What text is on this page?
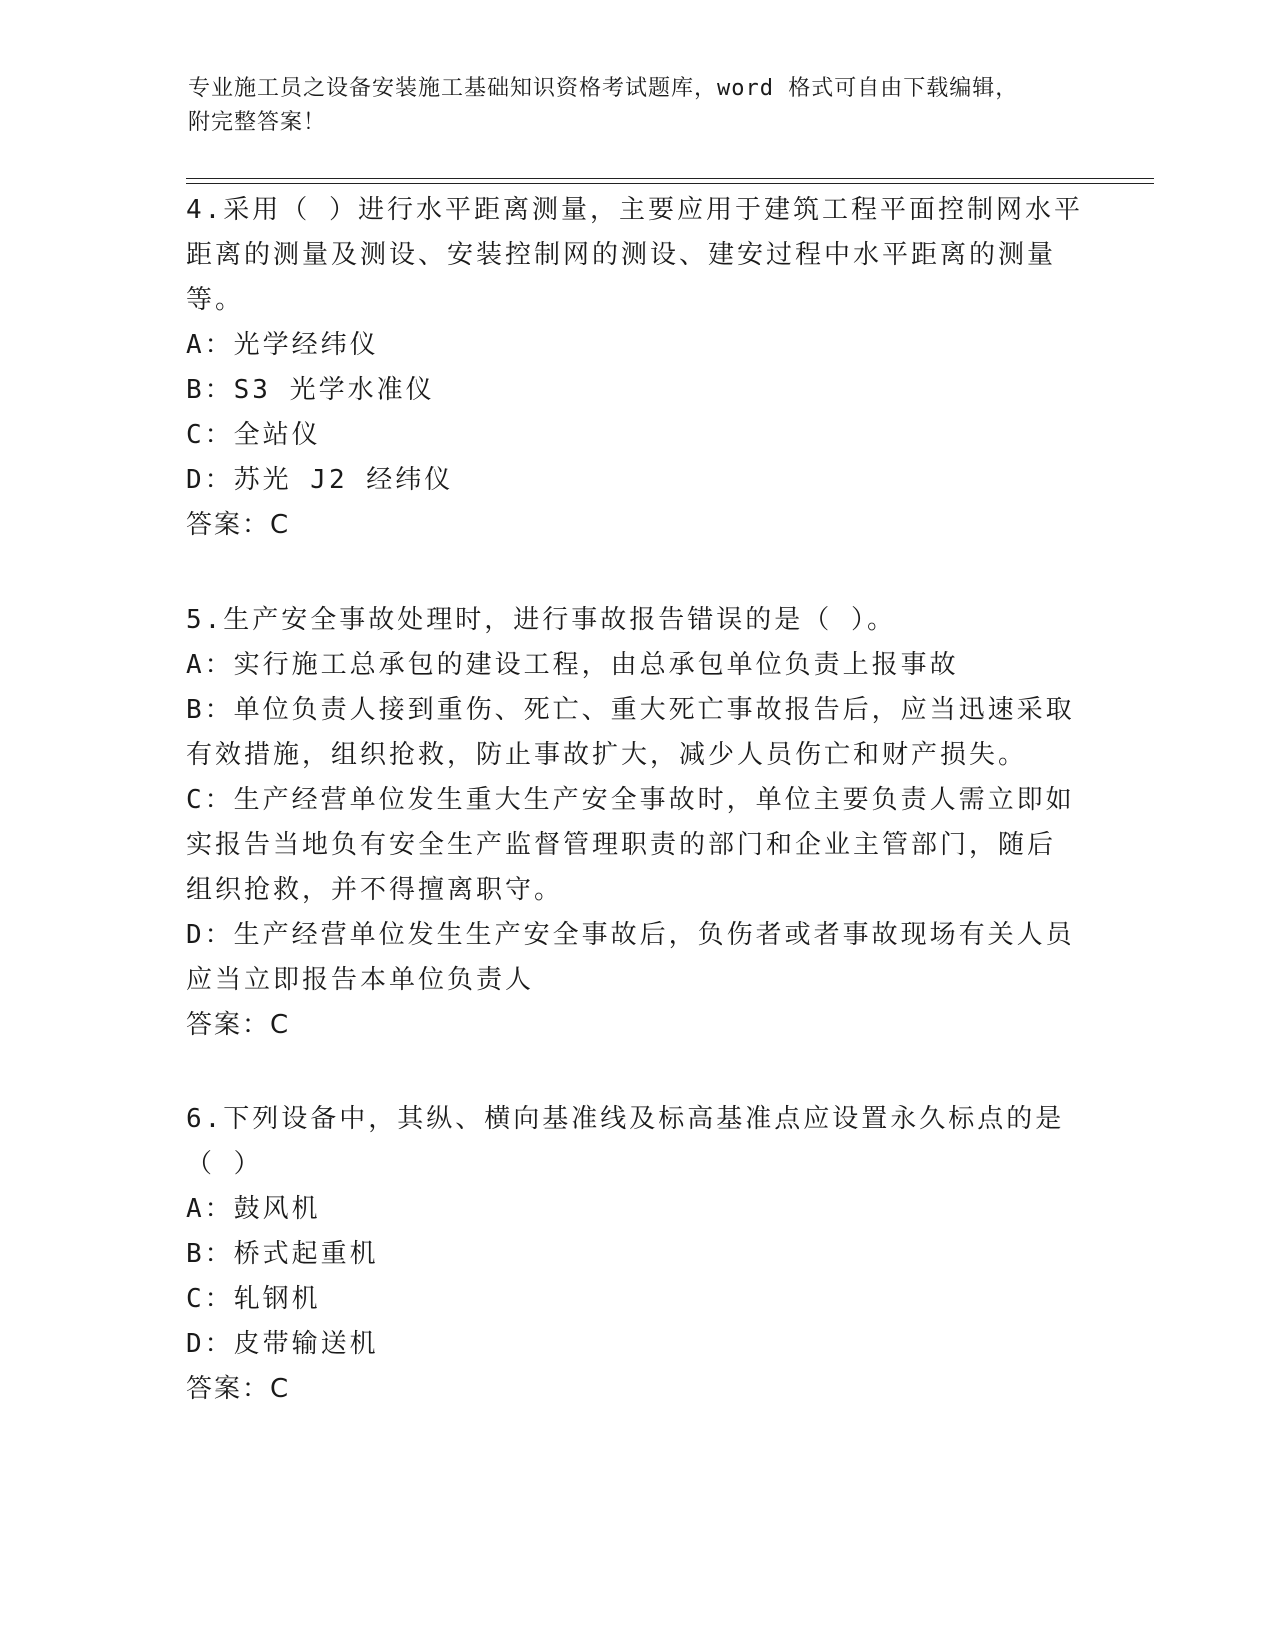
专业施工员之设备安装施工基础知识资格考试题库，word 格式可自由下载编辑，
附完整答案！
4.采用（ ）进行水平距离测量，主要应用于建筑工程平面控制网水平
距离的测量及测设、安装控制网的测设、建安过程中水平距离的测量
等。
A：光学经纬仪
B：S3 光学水准仪
C：全站仪
D：苏光 J2 经纬仪
答案：C
5.生产安全事故处理时，进行事故报告错误的是（ ）。
A：实行施工总承包的建设工程，由总承包单位负责上报事故
B：单位负责人接到重伤、死亡、重大死亡事故报告后，应当迅速采取
有效措施，组织抢救，防止事故扩大，减少人员伤亡和财产损失。
C：生产经营单位发生重大生产安全事故时，单位主要负责人需立即如
实报告当地负有安全生产监督管理职责的部门和企业主管部门，随后
组织抢救，并不得擅离职守。
D：生产经营单位发生生产安全事故后，负伤者或者事故现场有关人员
应当立即报告本单位负责人
答案：C
6.下列设备中，其纵、横向基准线及标高基准点应设置永久标点的是
（ ）
A：鼓风机
B：桥式起重机
C：轧钢机
D：皮带输送机
答案：C
